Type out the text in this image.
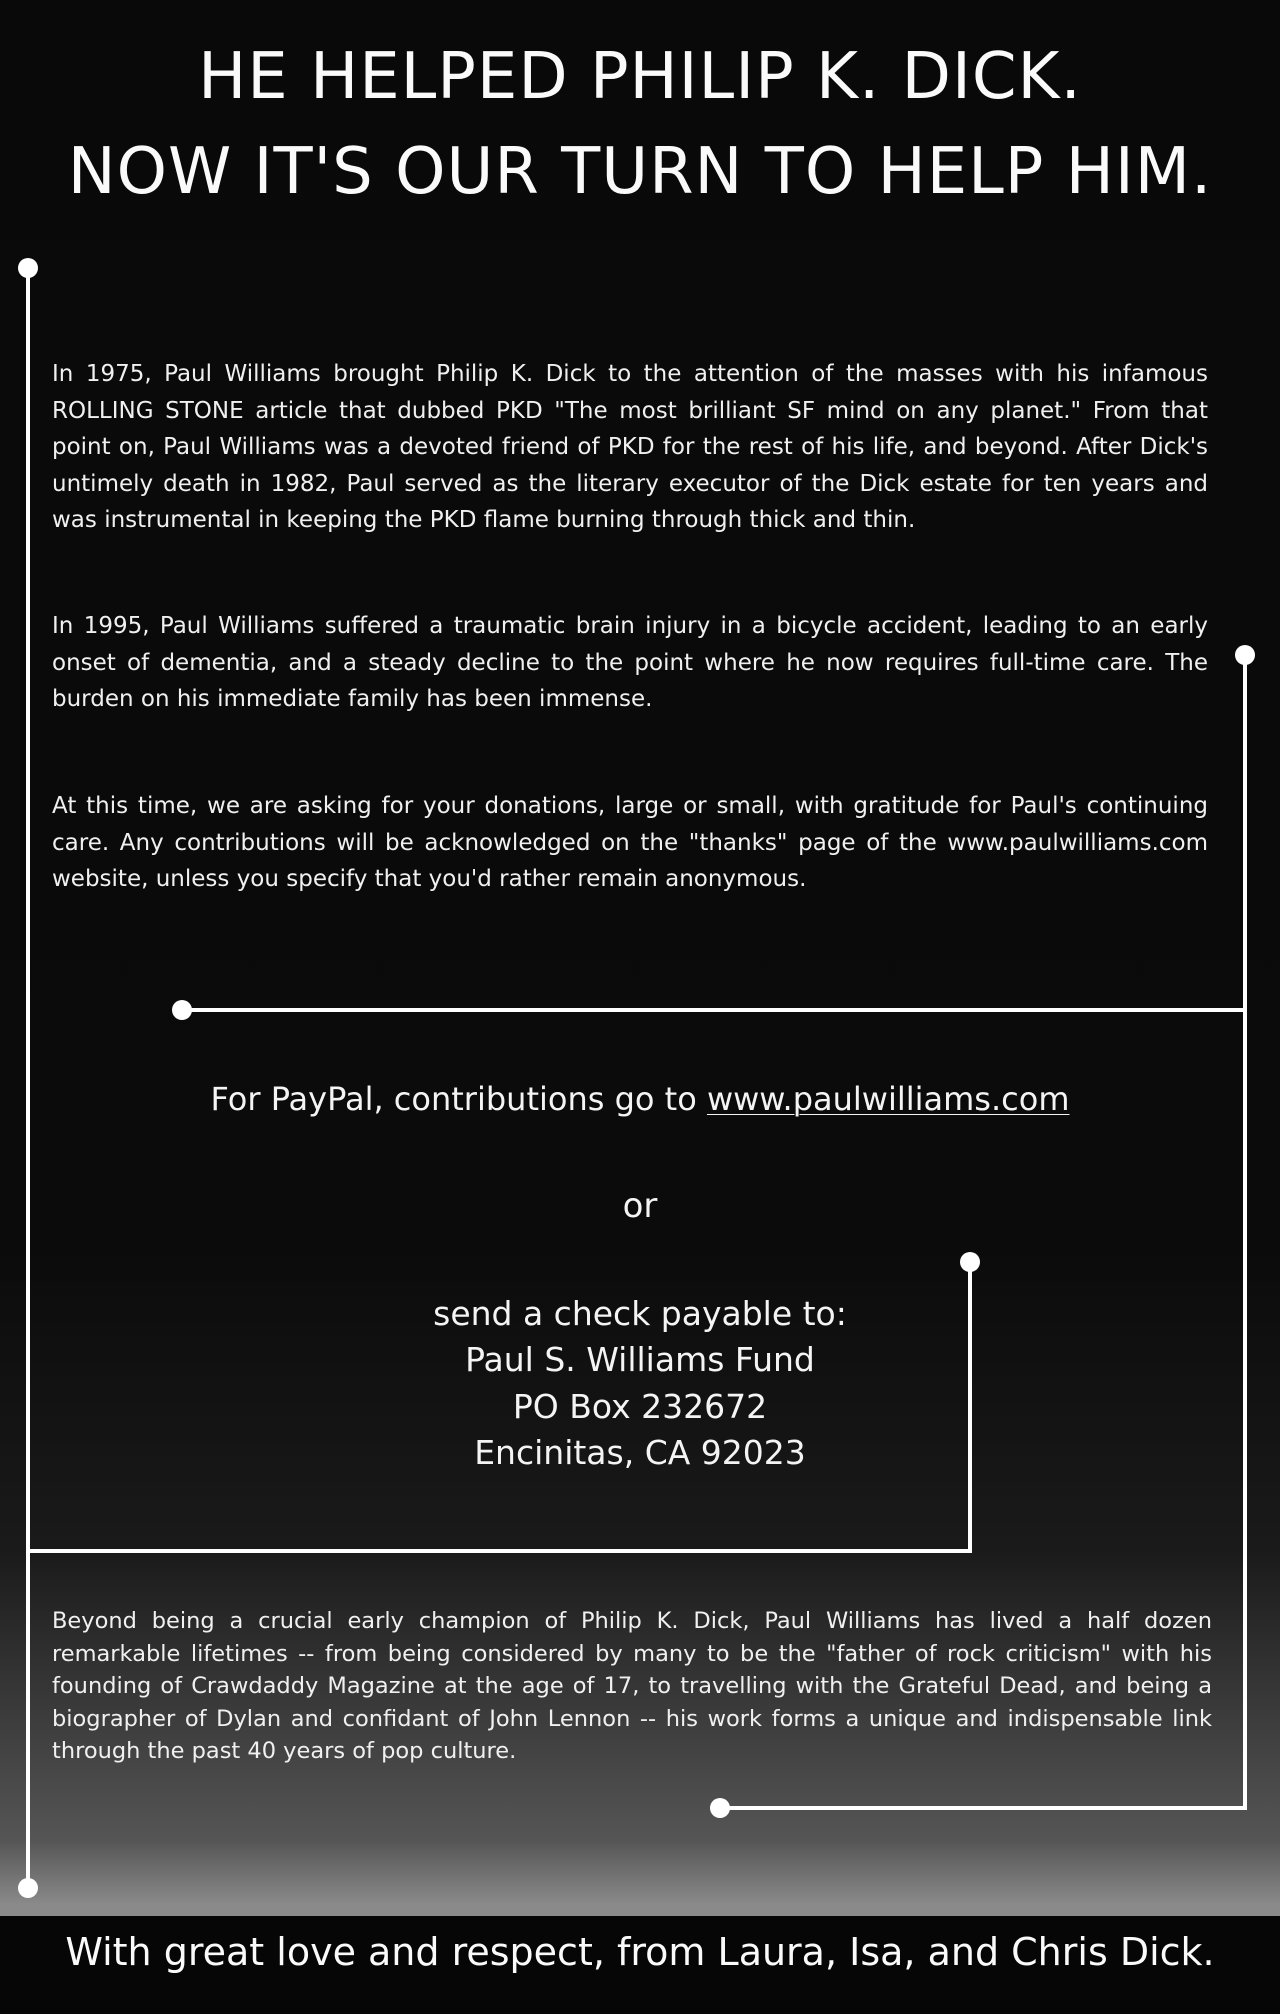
HE HELPED PHILIP K. DICK.
NOW IT'S OUR TURN TO HELP HIM.

In 1975, Paul Williams brought Philip K. Dick to the attention of the masses with his infamous ROLLING STONE article that dubbed PKD "The most brilliant SF mind on any planet." From that point on, Paul Williams was a devoted friend of PKD for the rest of his life, and beyond. After Dick's untimely death in 1982, Paul served as the literary executor of the Dick estate for ten years and was instrumental in keeping the PKD flame burning through thick and thin.

In 1995, Paul Williams suffered a traumatic brain injury in a bicycle accident, leading to an early onset of dementia, and a steady decline to the point where he now requires full-time care. The burden on his immediate family has been immense.

At this time, we are asking for your donations, large or small, with gratitude for Paul's continuing care. Any contributions will be acknowledged on the "thanks" page of the www.paulwilliams.com website, unless you specify that you'd rather remain anonymous.

For PayPal, contributions go to www.paulwilliams.com
or
send a check payable to:
Paul S. Williams Fund
PO Box 232672
Encinitas, CA 92023

Beyond being a crucial early champion of Philip K. Dick, Paul Williams has lived a half dozen remarkable lifetimes -- from being considered by many to be the "father of rock criticism" with his founding of Crawdaddy Magazine at the age of 17, to travelling with the Grateful Dead, and being a biographer of Dylan and confidant of John Lennon -- his work forms a unique and indispensable link through the past 40 years of pop culture.

With great love and respect, from Laura, Isa, and Chris Dick.
